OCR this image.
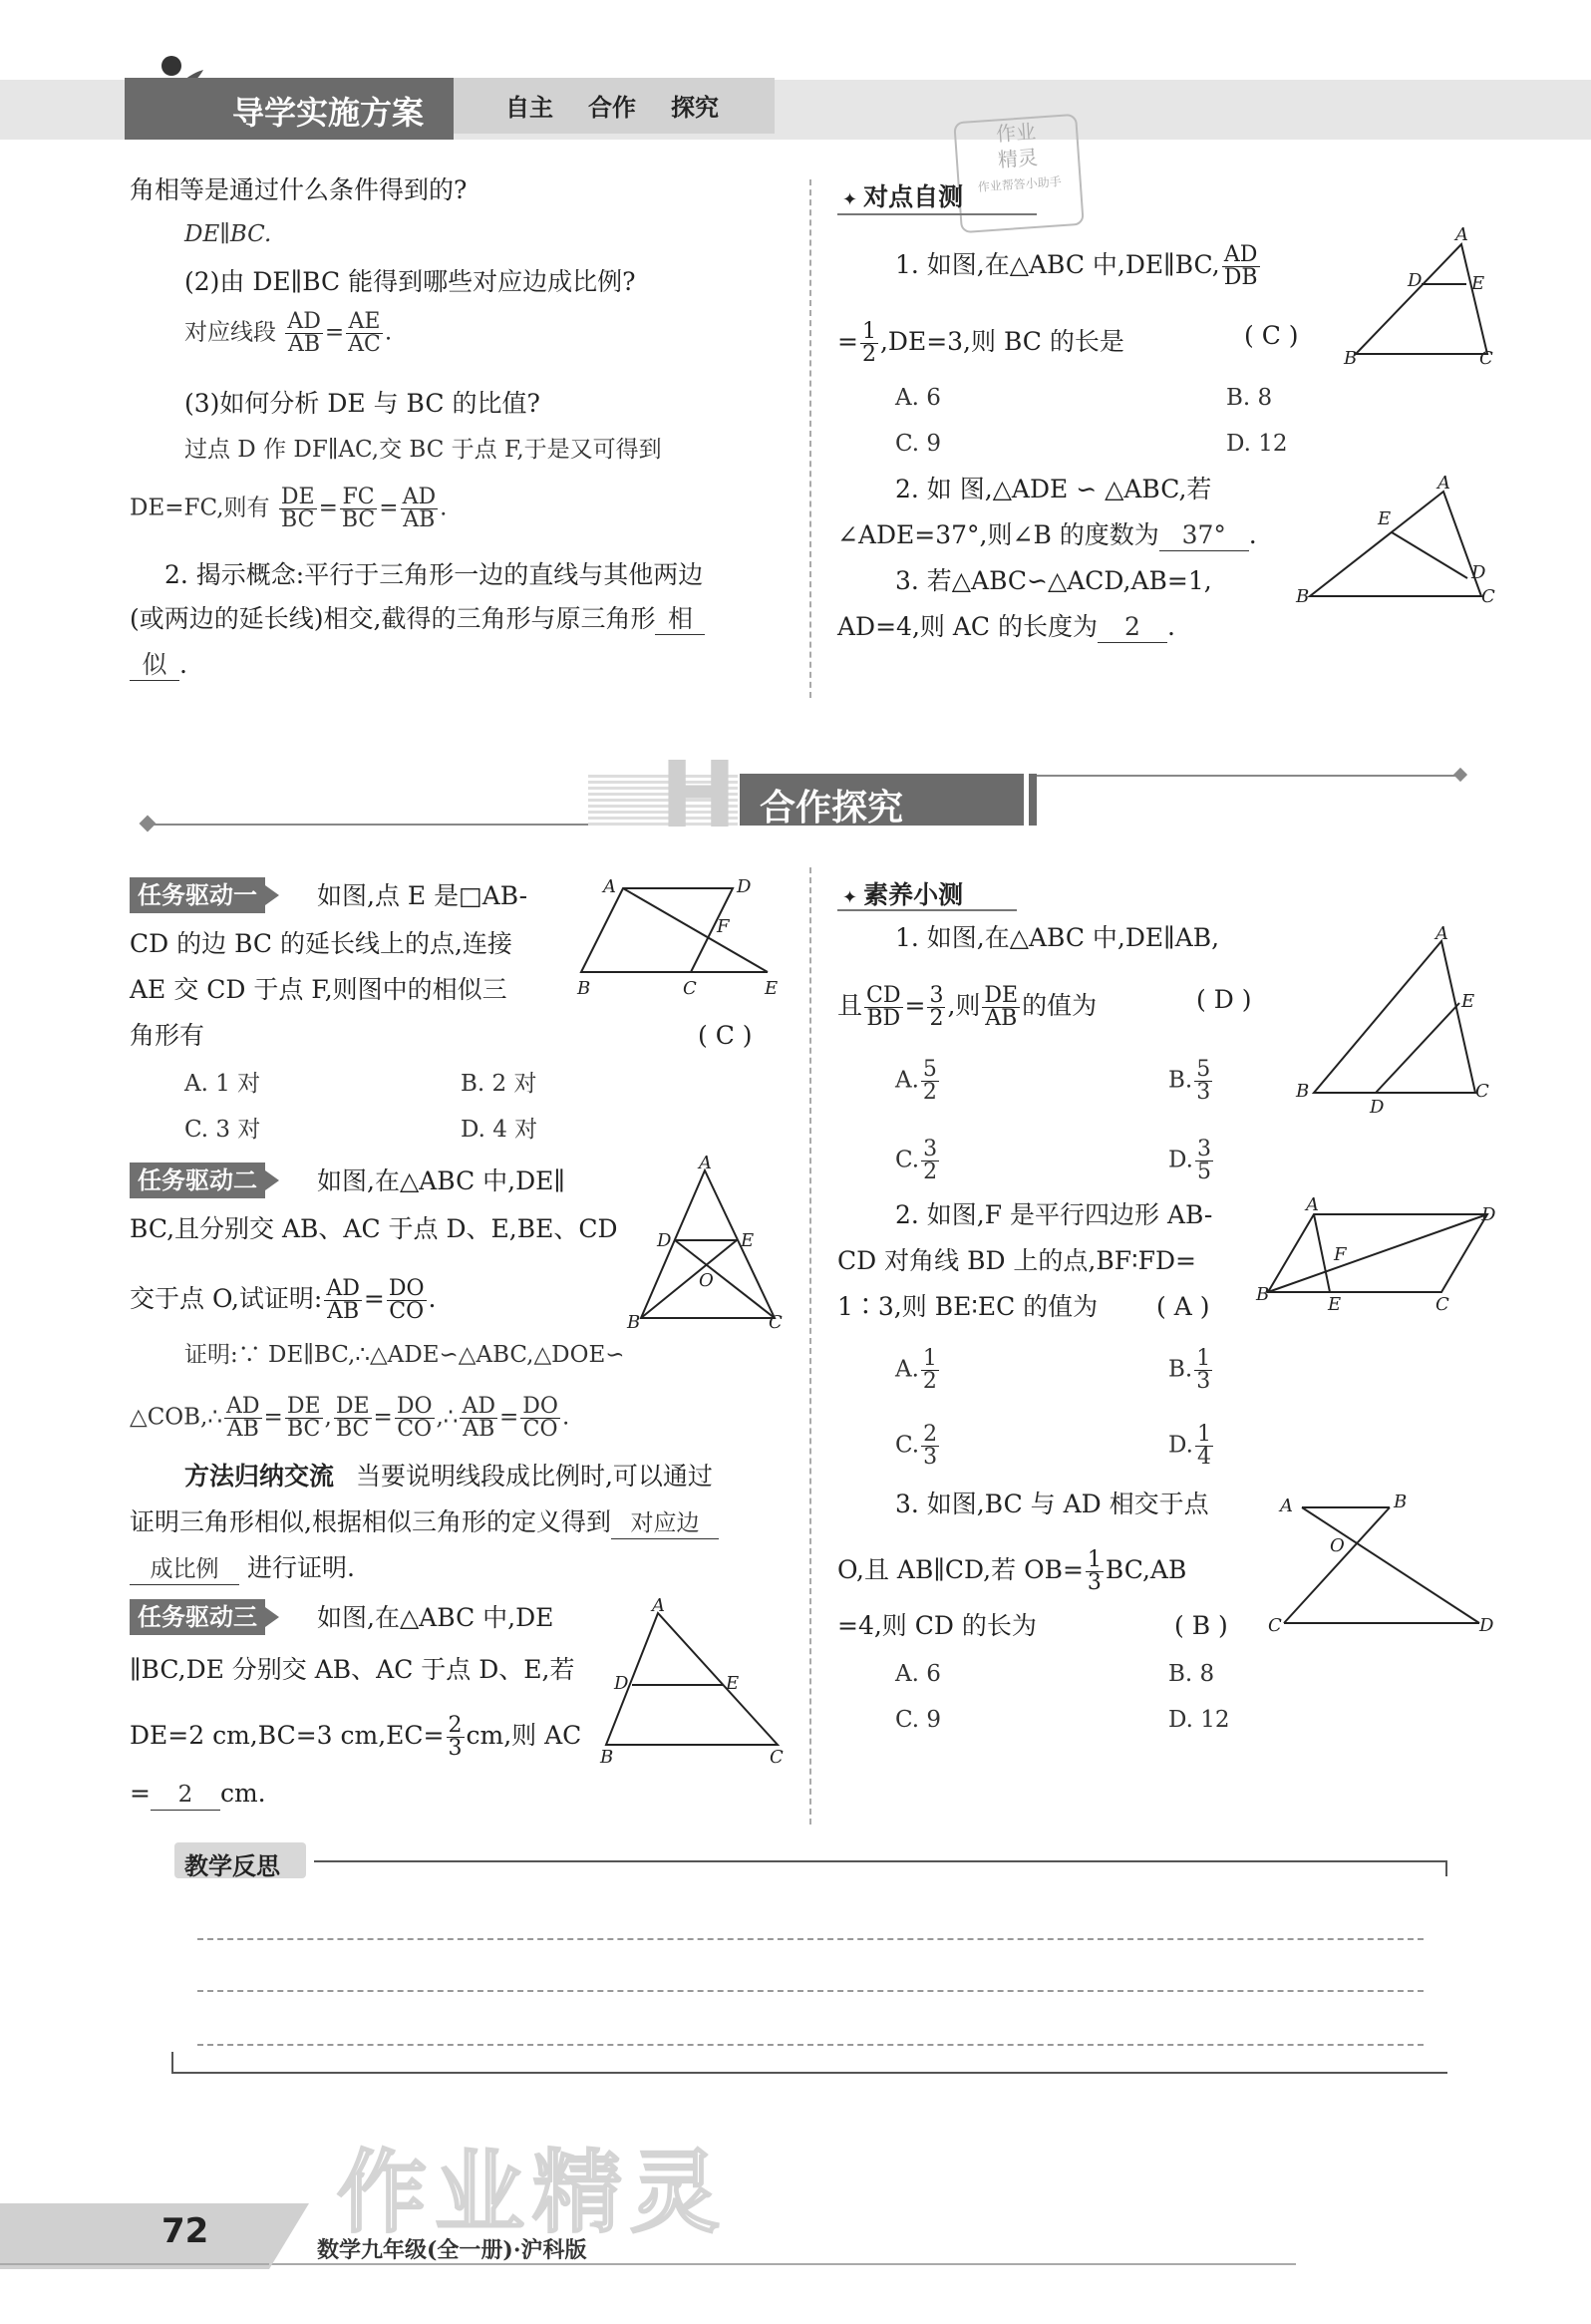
导学实施方案	自主 合作 探究
作业
精灵
作业帮答小助手
角相等是通过什么条件得到的?
DE∥BC.
(2)由 DE∥BC 能得到哪些对应边成比例?
对应线段 $\frac{AD}{AB} = \frac{AE}{AC}$ .
(3)如何分析 DE 与 BC 的比值?
过点 D 作 DF∥AC,交 BC 于点 F,于是又可得到
DE=FC,则有 $\frac{DE}{BC} = \frac{FC}{BC} = \frac{AD}{AB}$ .
2. 揭示概念:平行于三角形一边的直线与其他两边
(或两边的延长线)相交,截得的三角形与原三角形 相
似 .
✦ 对点自测
1. 如图,在△ABC 中,DE∥BC, $\frac{AD}{DB}$
= $\frac{1}{2} ,DE=3$,则 BC 的长是	( C )
A. 6	B. 8
C. 9	D. 12
A
D	E
B	C
2. 如 图,△ADE ∽ △ABC,若
∠ADE=37°,则∠B 的度数为 37° .
A
E
D
B	C
3. 若△ABC∽△ACD,AB=1,
AD=4,则 AC 的长度为 2 .
H 合作探究
任务驱动一	如图,点 E 是□AB-
CD 的边 BC 的延长线上的点,连接
AE 交 CD 于点 F,则图中的相似三
角形有	( C )
A. 1 对	B. 2 对
C. 3 对	D. 4 对
A	D
F
B	C	E
任务驱动二	如图,在△ABC 中,DE∥
BC,且分别交 AB、AC 于点 D、E,BE、CD
交于点 O,试证明: $\frac{AD}{AB} = \frac{DO}{CO}$ .
A
D	E
O
B	C
证明:∵ DE∥BC,∴△ADE∽△ABC,△DOE∽
△COB,∴ $\frac{AD}{AB} = \frac{DE}{BC}$ , $\frac{DE}{BC} = \frac{DO}{CO}$ ,∴ $\frac{AD}{AB} = \frac{DO}{CO}$ .
方法归纳交流 当要说明线段成比例时,可以通过
证明三角形相似,根据相似三角形的定义得到 对应边
成比例 进行证明.
任务驱动三	如图,在△ABC 中,DE
∥BC,DE 分别交 AB、AC 于点 D、E,若
DE=2 cm,BC=3 $cm,EC= \frac{2}{3}$ cm,则 AC
= 2 cm.
A
D	E
B	C
✦ 素养小测
1. 如图,在△ABC 中,DE∥AB,
且 $\frac{CD}{BD} = \frac{3}{2}$ ,则 $\frac{DE}{AB}$ 的值为	( D )
A. $\frac{5}{2}$	B. $\frac{5}{3}$
C. $\frac{3}{2}$	D. $\frac{3}{5}$
A
E
B
D
C
2. 如图,F 是平行四边形 AB-
CD 对角线 BD 上的点,BF∶FD=
1∶3,则 BE∶EC 的值为 ( A )
A. $\frac{1}{2}$	B. $\frac{1}{3}$
C. $\frac{2}{3}$	D. $\frac{1}{4}$
A	D
F
B	E	C
3. 如图,BC 与 AD 相交于点
O,且 AB∥CD,若 $OB= \frac{1}{3} BC,AB$
=4,则 CD 的长为	( B )
A. 6	B. 8
C. 9	D. 12
A	B
O
C	D
教学反思
作业精灵
72	数学九年级(全一册)·沪科版
